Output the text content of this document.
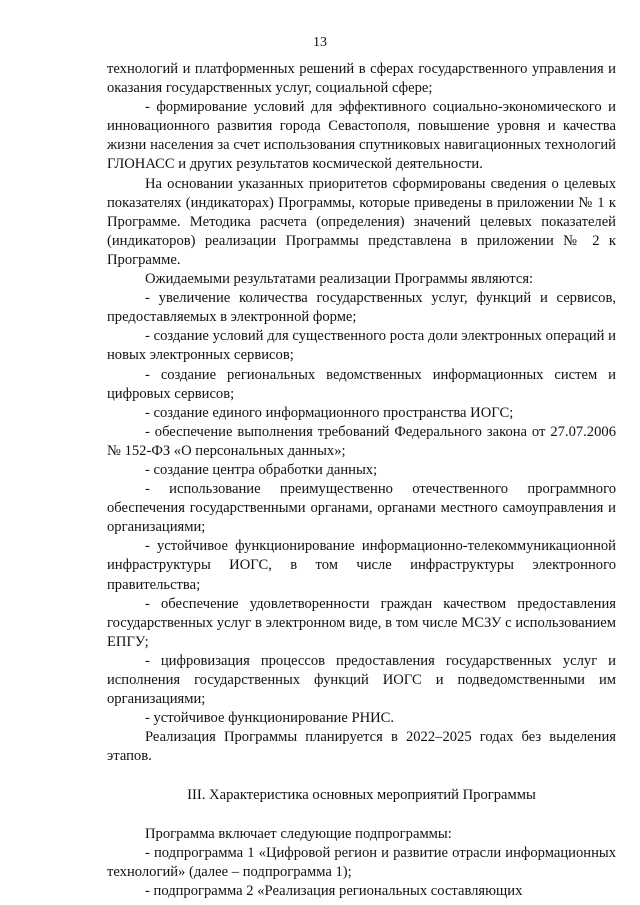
13

технологий и платформенных решений в сферах государственного управления и оказания государственных услуг, социальной сфере;

- формирование условий для эффективного социально-экономического и инновационного развития города Севастополя, повышение уровня и качества жизни населения за счет использования спутниковых навигационных технологий ГЛОНАСС и других результатов космической деятельности.

На основании указанных приоритетов сформированы сведения о целевых показателях (индикаторах) Программы, которые приведены в приложении № 1 к Программе. Методика расчета (определения) значений целевых показателей (индикаторов) реализации Программы представлена в приложении № 2 к Программе.

Ожидаемыми результатами реализации Программы являются:

- увеличение количества государственных услуг, функций и сервисов, предоставляемых в электронной форме;

- создание условий для существенного роста доли электронных операций и новых электронных сервисов;

- создание региональных ведомственных информационных систем и цифровых сервисов;

- создание единого информационного пространства ИОГС;

- обеспечение выполнения требований Федерального закона от 27.07.2006 № 152-ФЗ «О персональных данных»;

- создание центра обработки данных;

- использование преимущественно отечественного программного обеспечения государственными органами, органами местного самоуправления и организациями;

- устойчивое функционирование информационно-телекоммуникационной инфраструктуры ИОГС, в том числе инфраструктуры электронного правительства;

- обеспечение удовлетворенности граждан качеством предоставления государственных услуг в электронном виде, в том числе МСЗУ с использованием ЕПГУ;

- цифровизация процессов предоставления государственных услуг и исполнения государственных функций ИОГС и подведомственными им организациями;

- устойчивое функционирование РНИС.

Реализация Программы планируется в 2022–2025 годах без выделения этапов.

III. Характеристика основных мероприятий Программы

Программа включает следующие подпрограммы:

- подпрограмма 1 «Цифровой регион и развитие отрасли информационных технологий» (далее – подпрограмма 1);

- подпрограмма 2 «Реализация региональных составляющих
